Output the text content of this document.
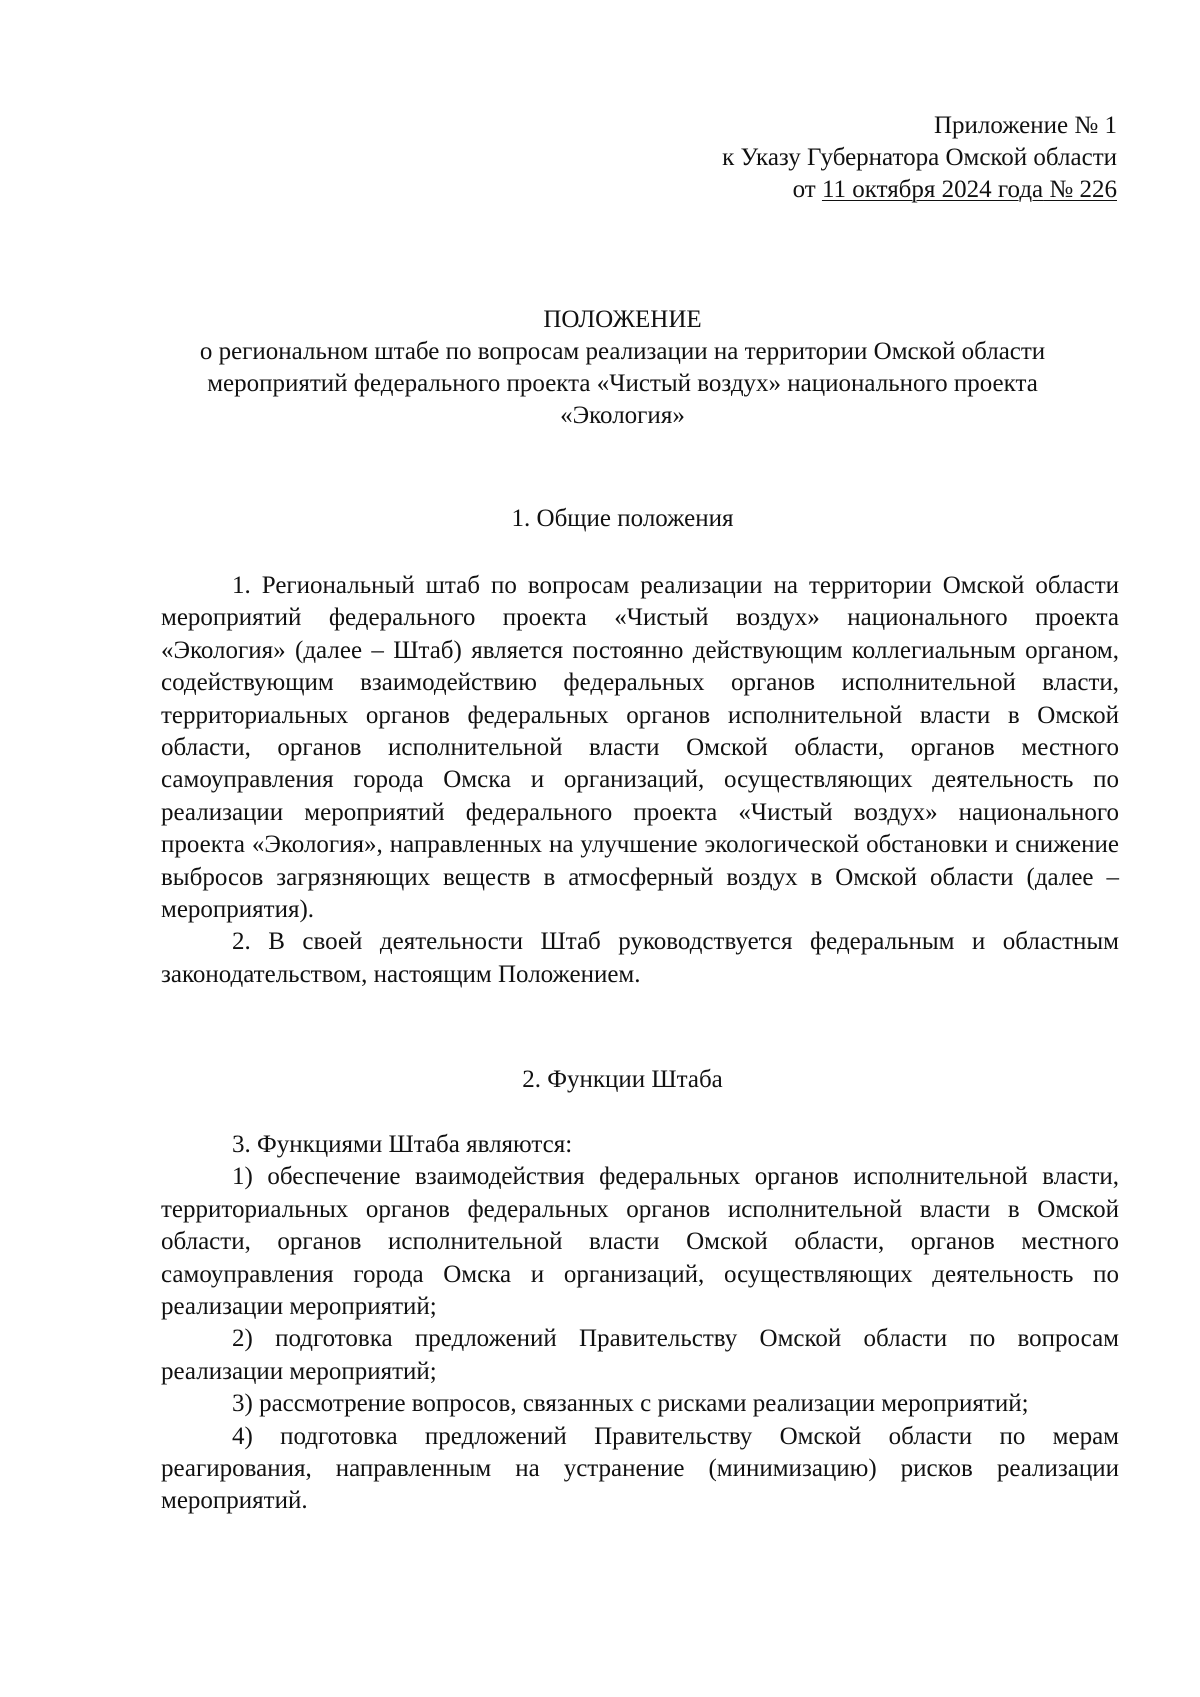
Приложение № 1
к Указу Губернатора Омской области
от 11 октября 2024 года № 226
ПОЛОЖЕНИЕ
о региональном штабе по вопросам реализации на территории Омской области
мероприятий федерального проекта «Чистый воздух» национального проекта
«Экология»
1. Общие положения

1. Региональный штаб по вопросам реализации на территории Омской области мероприятий федерального проекта «Чистый воздух» национального проекта «Экология» (далее – Штаб) является постоянно действующим коллегиальным органом, содействующим взаимодействию федеральных органов исполнительной власти, территориальных органов федеральных органов исполнительной власти в Омской области, органов исполнительной власти Омской области, органов местного самоуправления города Омска и организаций, осуществляющих деятельность по реализации мероприятий федерального проекта «Чистый воздух» национального проекта «Экология», направленных на улучшение экологической обстановки и снижение выбросов загрязняющих веществ в атмосферный воздух в Омской области (далее – мероприятия).

2. В своей деятельности Штаб руководствуется федеральным и областным законодательством, настоящим Положением.

2. Функции Штаба

3. Функциями Штаба являются:

1) обеспечение взаимодействия федеральных органов исполнительной власти, территориальных органов федеральных органов исполнительной власти в Омской области, органов исполнительной власти Омской области, органов местного самоуправления города Омска и организаций, осуществляющих деятельность по реализации мероприятий;

2) подготовка предложений Правительству Омской области по вопросам реализации мероприятий;

3) рассмотрение вопросов, связанных с рисками реализации мероприятий;

4) подготовка предложений Правительству Омской области по мерам реагирования, направленным на устранение (минимизацию) рисков реализации мероприятий.
